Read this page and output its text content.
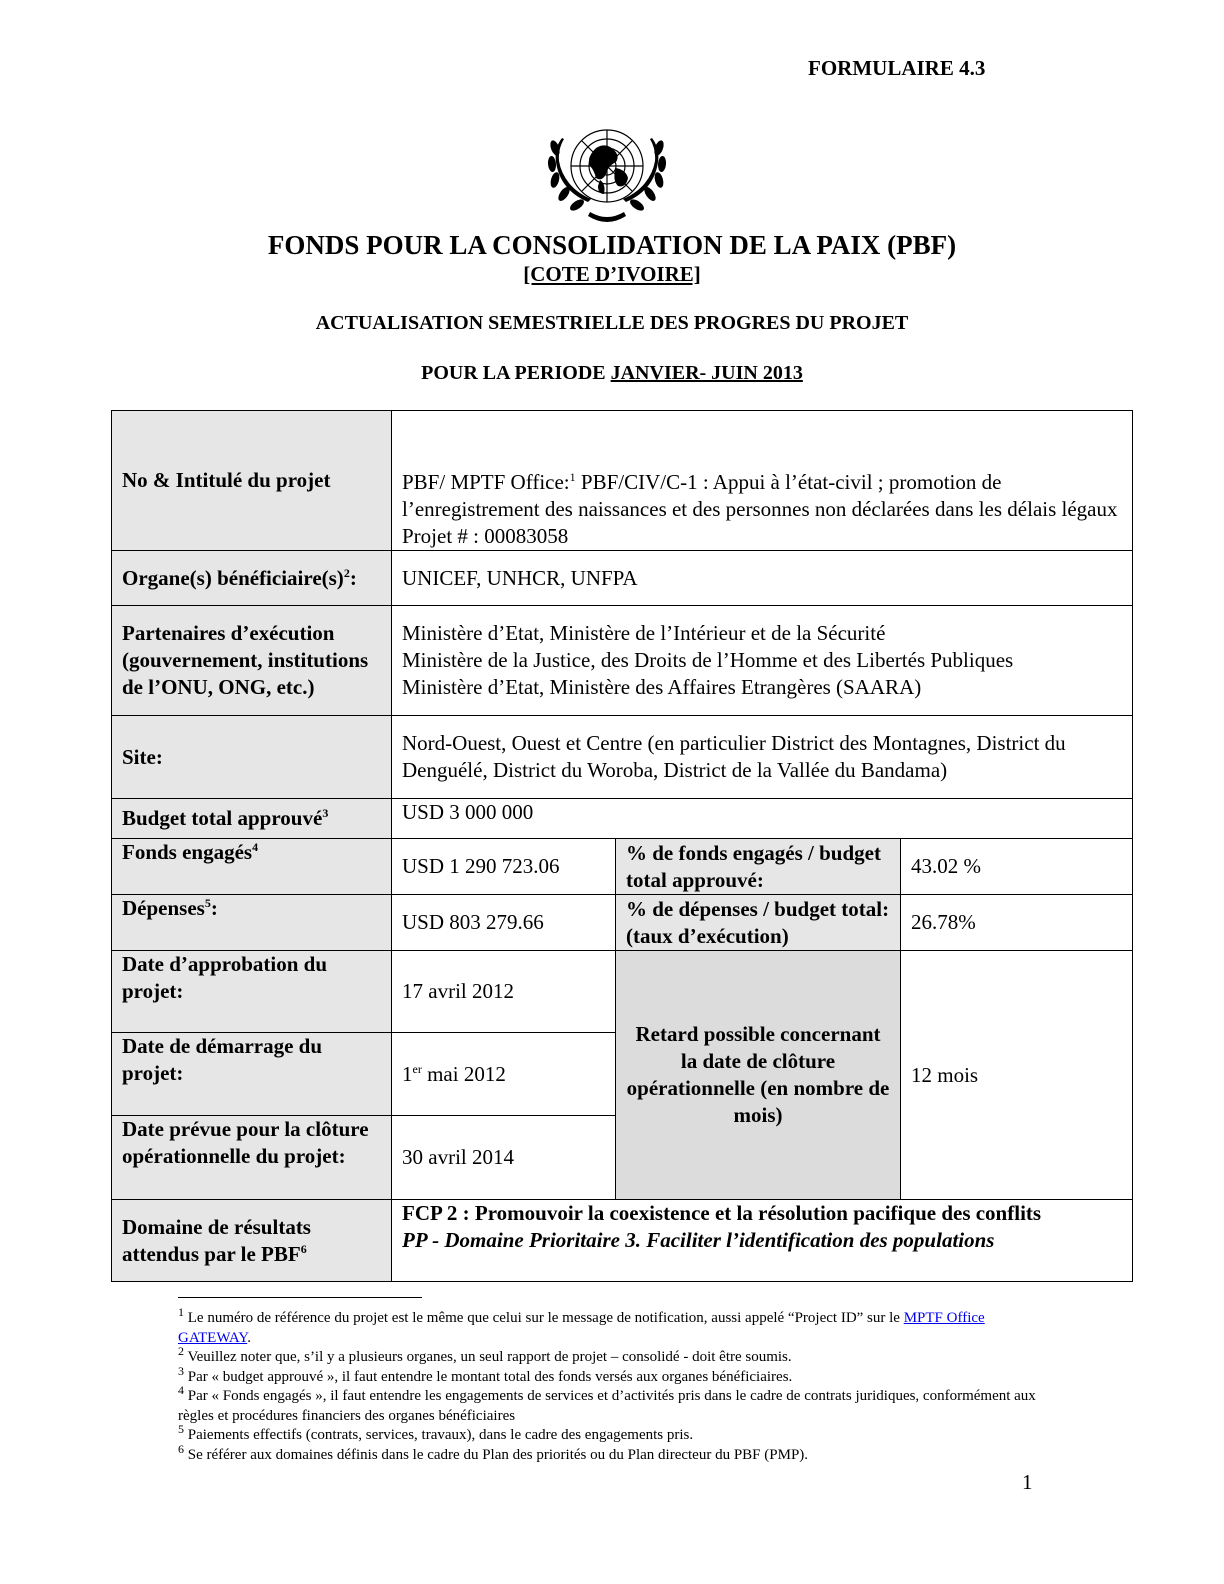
FORMULAIRE 4.3
FONDS POUR LA CONSOLIDATION DE LA PAIX (PBF)
[COTE D’IVOIRE]
ACTUALISATION SEMESTRIELLE DES PROGRES DU PROJET
POUR LA PERIODE JANVIER- JUIN 2013
No & Intitulé du projet	PBF/ MPTF Office:$^1$ PBF/CIV/C-1 : Appui à l’état-civil ; promotion de l’enregistrement des naissances et des personnes non déclarées dans les délais légaux
Projet # : 00083058		

Organe(s) $bénéficiaire(s)^2$:	UNICEF, UNHCR, UNFPA		
Partenaires d’exécution (gouvernement, institutions de l’ONU, ONG, etc.)	Ministère d’Etat, Ministère de l’Intérieur et de la Sécurité
Ministère de la Justice, des Droits de l’Homme et des Libertés Publiques
Ministère d’Etat, Ministère des Affaires Etrangères (SAARA)		

Site:	Nord-Ouest, Ouest et Centre (en particulier District des Montagnes, District du Denguélé, District du Woroba, District de la Vallée du Bandama)		
Budget total approuvé$^3$	USD 3 000 000		
Fonds engagés$^4$	USD 1 290 723.06	% de fonds engagés / budget total approuvé:	43.02 %
Dépenses$^5$:	USD 803 279.66	% de dépenses / budget total: (taux d’exécution)	26.78%
Date d’approbation du projet:	17 avril 2012	Retard possible concernant la date de clôture opérationnelle (en nombre de mois)	12 mois
Date de démarrage du projet:	1er mai 2012		
Date prévue pour la clôture opérationnelle du projet:	30 avril 2014		
Domaine de résultats attendus par le PBF$^6$	FCP 2 : Promouvoir la coexistence et la résolution pacifique des conflits
PP - Domaine Prioritaire 3. Faciliter l’identification des populations		

$^1$ Le numéro de référence du projet est le même que celui sur le message de notification, aussi appelé “Project ID” sur le MPTF Office GATEWAY.

$^2$ Veuillez noter que, s’il y a plusieurs organes, un seul rapport de projet – consolidé - doit être soumis.

$^3$ Par « budget approuvé », il faut entendre le montant total des fonds versés aux organes bénéficiaires.

$^4$ Par « Fonds engagés », il faut entendre les engagements de services et d’activités pris dans le cadre de contrats juridiques, conformément aux règles et procédures financiers des organes bénéficiaires

$^5$ Paiements effectifs (contrats, services, travaux), dans le cadre des engagements pris.

$^6$ Se référer aux domaines définis dans le cadre du Plan des priorités ou du Plan directeur du PBF (PMP).

1
